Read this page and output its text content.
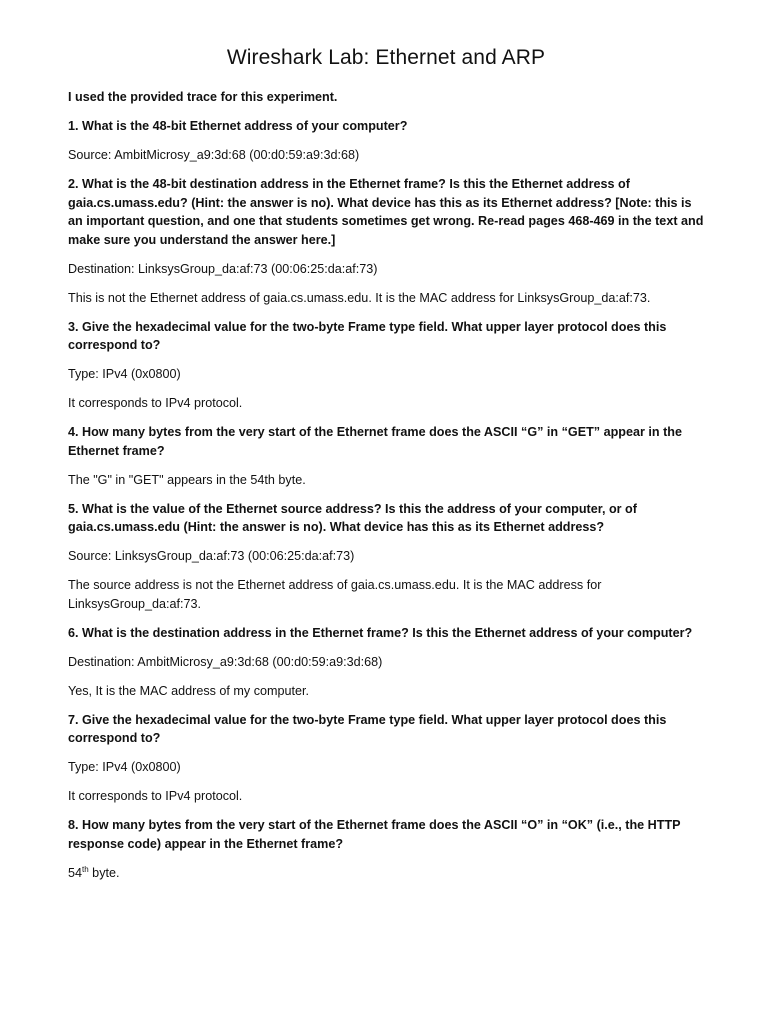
Wireshark Lab: Ethernet and ARP

I used the provided trace for this experiment.

1. What is the 48-bit Ethernet address of your computer?

Source: AmbitMicrosy_a9:3d:68 (00:d0:59:a9:3d:68)

2. What is the 48-bit destination address in the Ethernet frame? Is this the Ethernet address of gaia.cs.umass.edu? (Hint: the answer is no). What device has this as its Ethernet address? [Note: this is an important question, and one that students sometimes get wrong. Re-read pages 468-469 in the text and make sure you understand the answer here.]

Destination: LinksysGroup_da:af:73 (00:06:25:da:af:73)

This is not the Ethernet address of gaia.cs.umass.edu. It is the MAC address for LinksysGroup_da:af:73.

3. Give the hexadecimal value for the two-byte Frame type field. What upper layer protocol does this correspond to?

Type: IPv4 (0x0800)

It corresponds to IPv4 protocol.

4. How many bytes from the very start of the Ethernet frame does the ASCII “G” in “GET” appear in the Ethernet frame?

The "G" in "GET" appears in the 54th byte.

5. What is the value of the Ethernet source address? Is this the address of your computer, or of gaia.cs.umass.edu (Hint: the answer is no). What device has this as its Ethernet address?

Source: LinksysGroup_da:af:73 (00:06:25:da:af:73)

The source address is not the Ethernet address of gaia.cs.umass.edu. It is the MAC address for LinksysGroup_da:af:73.

6. What is the destination address in the Ethernet frame? Is this the Ethernet address of your computer?

Destination: AmbitMicrosy_a9:3d:68 (00:d0:59:a9:3d:68)

Yes, It is the MAC address of my computer.

7. Give the hexadecimal value for the two-byte Frame type field. What upper layer protocol does this correspond to?

Type: IPv4 (0x0800)

It corresponds to IPv4 protocol.

8. How many bytes from the very start of the Ethernet frame does the ASCII “O” in “OK” (i.e., the HTTP response code) appear in the Ethernet frame?

54th byte.
